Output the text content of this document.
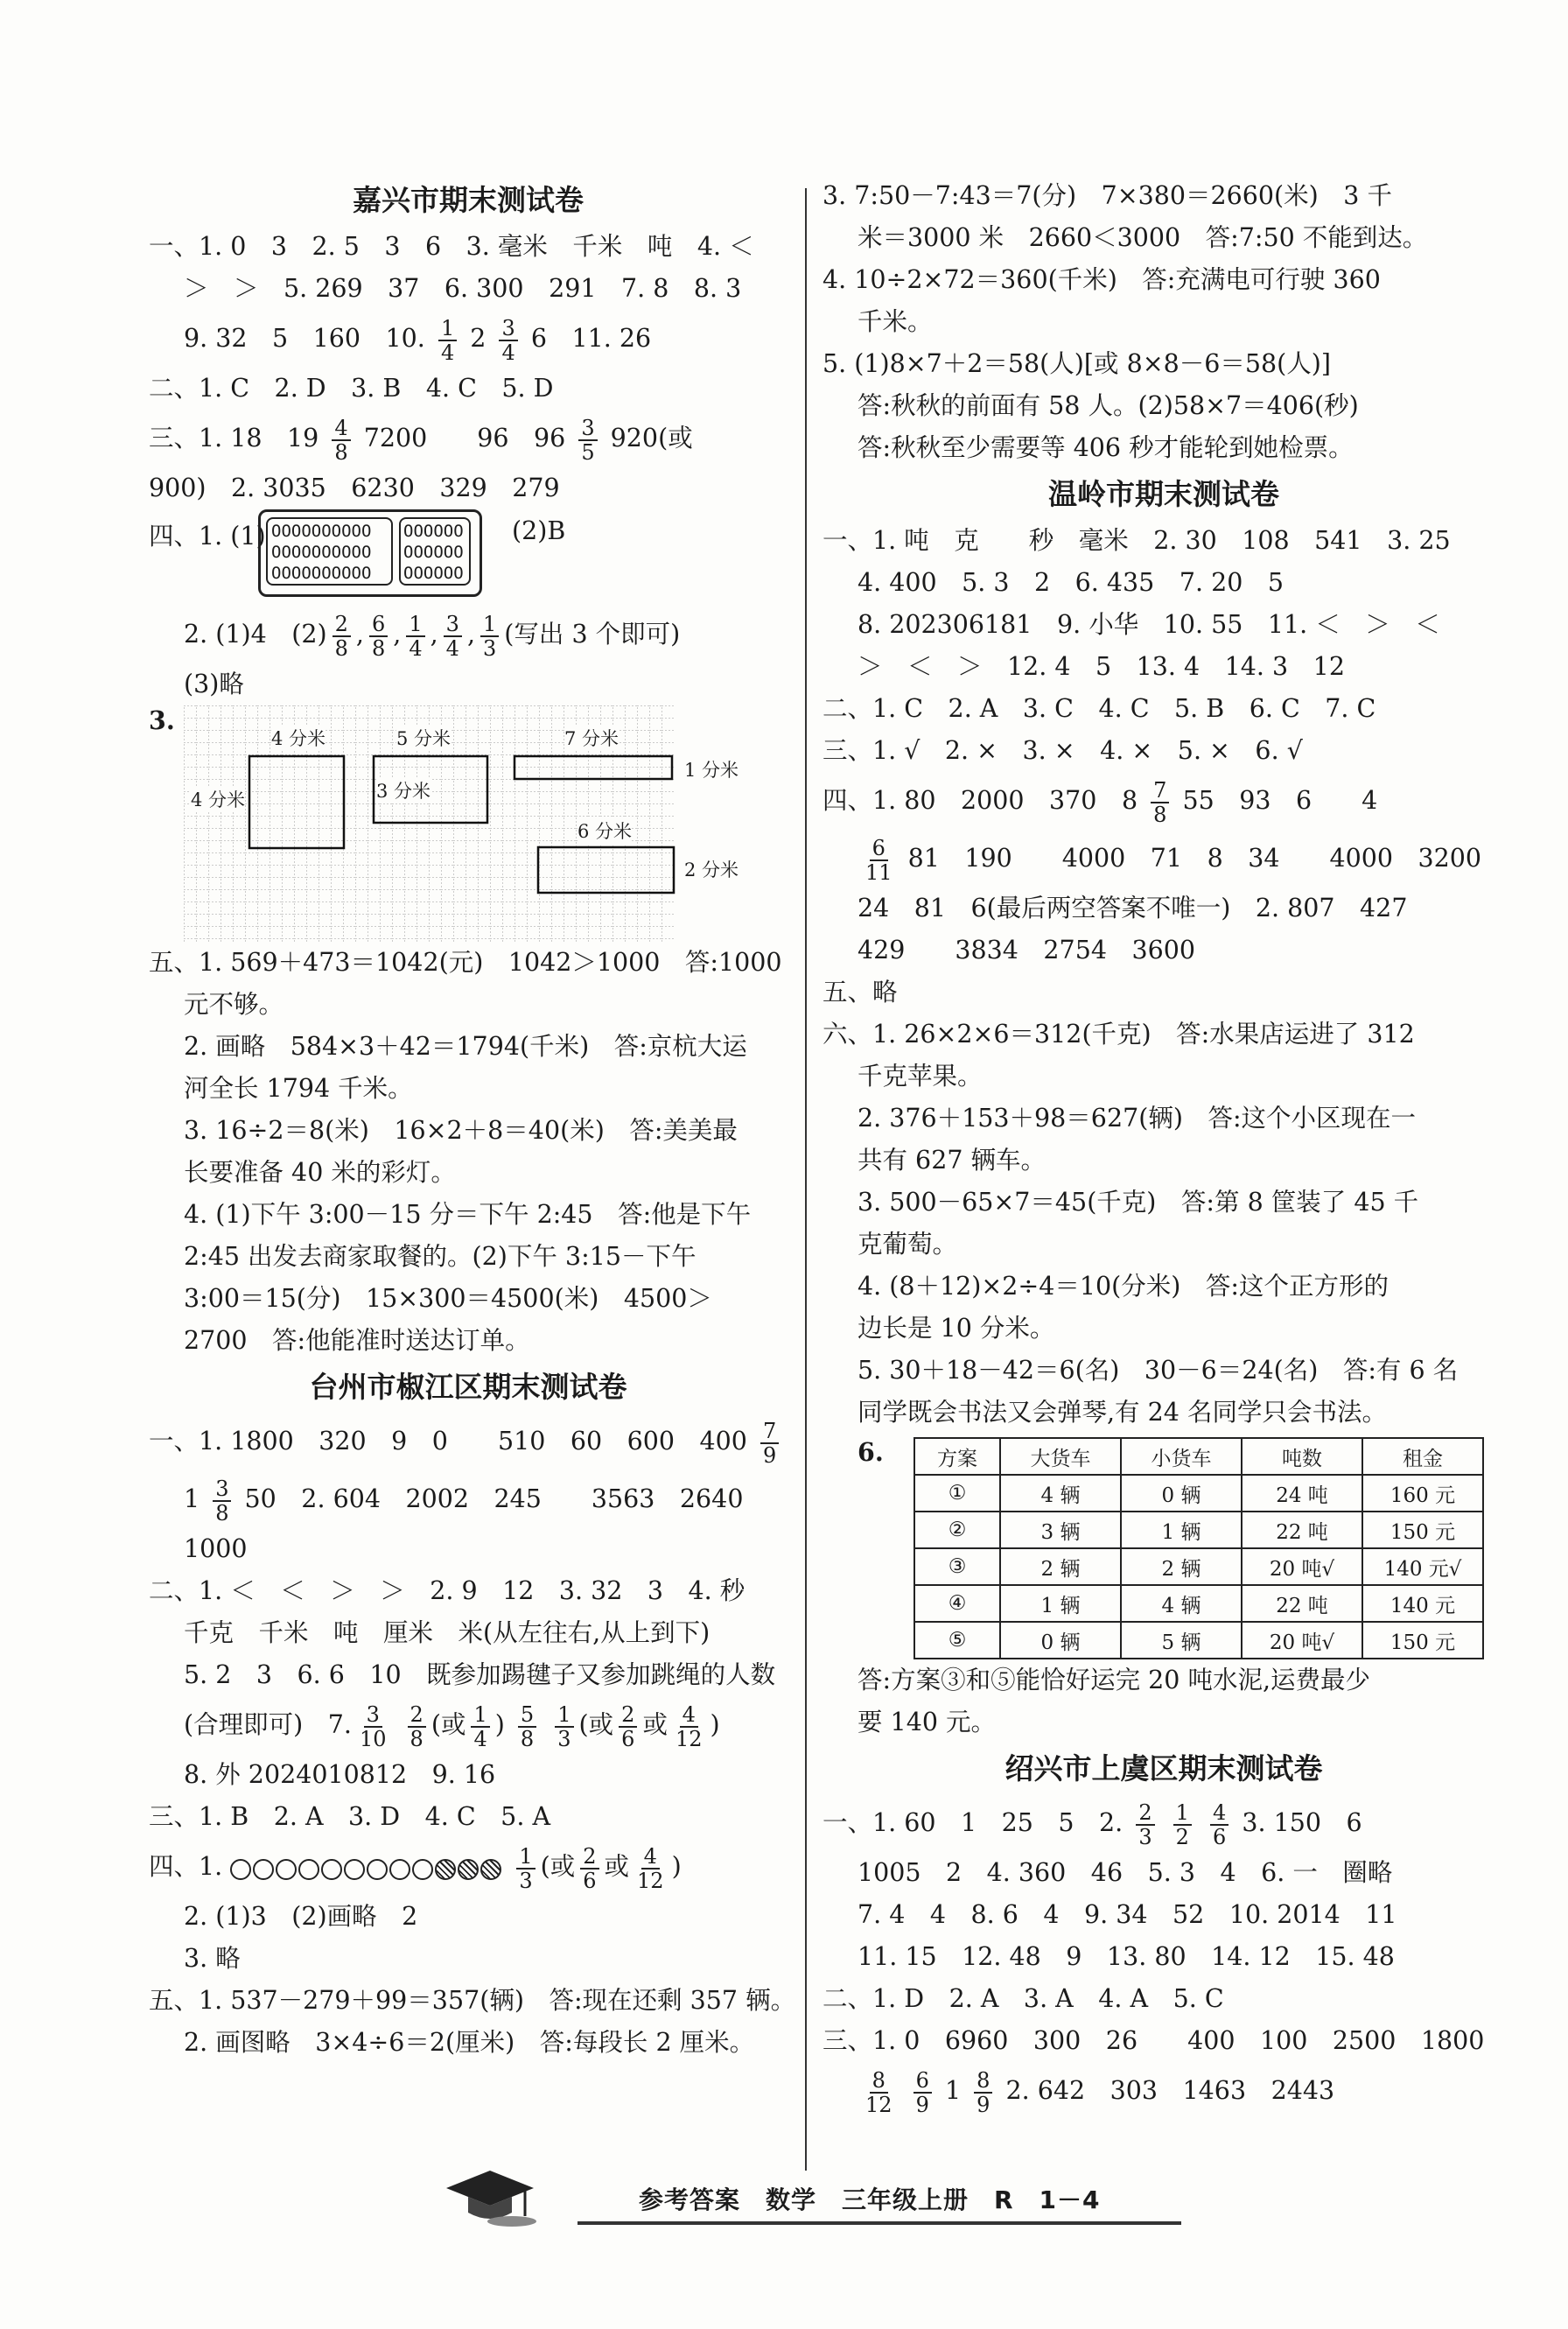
嘉兴市期末测试卷
一、1. 0　3　2. 5　3　6　3. 毫米　千米　吨　4. ＜
＞　＞　5. 269　37　6. 300　291　7. 8　8. 3
9. 32　5　160　10. $\frac{1}{4} 2 \frac{3}{4} 6$　11. 26
二、1. C　2. D　3. B　4. C　5. D
三、1. 18　$19 \frac{4}{8} 7200$　　96　$96 \frac{3}{5} 920$(或
900)　2. 3035　6230　329　279
四、1. (1) OOOOOOOOOO
OOOOOOOOOO
OOOOOOOOOO
OOOOOO
OOOOOO
OOOOOO
(2)B
2. (1)4　$(2) \frac{2}{8}$ , $\frac{6}{8}$ , $\frac{1}{4}$ , $\frac{3}{4}$ , $\frac{1}{3}$ (写出 3 个即可)
(3)略
3.
4 分米
4 分米
5 分米
3 分米
7 分米
1 分米
6 分米
2 分米
五、1. 569＋473＝1042(元)　1042＞1000　答:1000
元不够。
2. 画略　584×3＋42＝1794(千米)　答:京杭大运
河全长 1794 千米。
3. 16÷2＝8(米)　16×2＋8＝40(米)　答:美美最
长要准备 40 米的彩灯。
4. (1)下午 3:00－15 分＝下午 2:45　答:他是下午
2:45 出发去商家取餐的。(2)下午 3:15－下午
3:00＝15(分)　15×300＝4500(米)　4500＞
2700　答:他能准时送达订单。
台州市椒江区期末测试卷
一、1. 1800　320　9　0　　510　60　600　$400 \frac{7}{9}$
$1 \frac{3}{8} 50$　2. 604　2002　245　　3563　2640
1000
二、1. ＜　＜　＞　＞　2. 9　12　3. 32　3　4. 秒
千克　千米　吨　厘米　米(从左往右,从上到下)
5. 2　3　6. 6　10　既参加踢毽子又参加跳绳的人数
(合理即可)　7. $\frac{3}{10}$
$\frac{2}{8}$ (或 $\frac{1}{4}$ ) $\frac{5}{8}$
$\frac{1}{3}$ (或 $\frac{2}{6}$ 或 $\frac{4}{12}$ )
8. 外 2024010812　9. 16
三、1. B　2. A　3. D　4. C　5. A
四、1.	$\frac{1}{3}$ (或 $\frac{2}{6}$ 或 $\frac{4}{12}$ )
2. (1)3　(2)画略　2
3. 略
五、1. 537－279＋99＝357(辆)　答:现在还剩 357 辆。
2. 画图略　3×4÷6＝2(厘米)　答:每段长 2 厘米。
3. 7:50－7:43＝7(分)　7×380＝2660(米)　3 千
米＝3000 米　2660＜3000　答:7:50 不能到达。
4. 10÷2×72＝360(千米)　答:充满电可行驶 360
千米。
5. (1)8×7＋2＝58(人)[或 8×8－6＝58(人)]
答:秋秋的前面有 58 人。(2)58×7＝406(秒)
答:秋秋至少需要等 406 秒才能轮到她检票。
温岭市期末测试卷
一、1. 吨　克　　秒　毫米　2. 30　108　541　3. 25
4. 400　5. 3　2　6. 435　7. 20　5
8. 202306181　9. 小华　10. 55　11. ＜　＞　＜
＞　＜　＞　12. 4　5　13. 4　14. 3　12
二、1. C　2. A　3. C　4. C　5. B　6. C　7. C
三、1. √　2. ×　3. ×　4. ×　5. ×　6. √
四、1. 80　2000　370　$8 \frac{7}{8} 55$　93　6　　4
$\frac{6}{11} 81$　190　　4000　71　8　34　　4000　3200
24　81　6(最后两空答案不唯一)　2. 807　427
429　　3834　2754　3600
五、略
六、1. 26×2×6＝312(千克)　答:水果店运进了 312
千克苹果。
2. 376＋153＋98＝627(辆)　答:这个小区现在一
共有 627 辆车。
3. 500－65×7＝45(千克)　答:第 8 筐装了 45 千
克葡萄。
4. (8＋12)×2÷4＝10(分米)　答:这个正方形的
边长是 10 分米。
5. 30＋18－42＝6(名)　30－6＝24(名)　答:有 6 名
同学既会书法又会弹琴,有 24 名同学只会书法。
6.	方案	大货车	小货车	吨数	租金
①	4 辆	0 辆	24 吨	160 元
②	3 辆	1 辆	22 吨	150 元
③	2 辆	2 辆	20 吨√	140 元√
④	1 辆	4 辆	22 吨	140 元
⑤	0 辆	5 辆	20 吨√	150 元
答:方案③和⑤能恰好运完 20 吨水泥,运费最少
要 140 元。
绍兴市上虞区期末测试卷
一、1. 60　1　25　5　2. $\frac{2}{3}$
$\frac{1}{2}$
$\frac{4}{6} 3$. 150　6
1005　2　4. 360　46　5. 3　4　6. 一　圈略
7. 4　4　8. 6　4　9. 34　52　10. 2014　11
11. 15　12. 48　9　13. 80　14. 12　15. 48
二、1. D　2. A　3. A　4. A　5. C
三、1. 0　6960　300　26　　400　100　2500　1800
$\frac{8}{12}$
$\frac{6}{9} 1 \frac{8}{9} 2$. 642　303　1463　2443
参考答案　数学　三年级上册　R　1－4
